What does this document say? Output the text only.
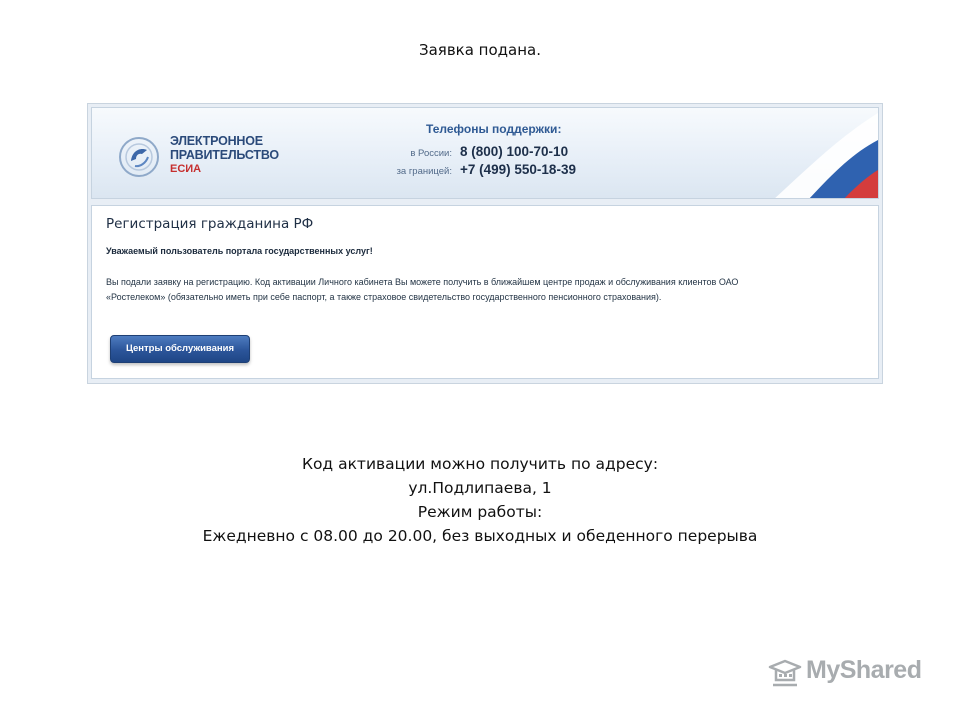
Заявка подана.
ЭЛЕКТРОННОЕ
ПРАВИТЕЛЬСТВО
ЕСИА
Телефоны поддержки:
в России: 8 (800) 100-70-10
за границей: +7 (499) 550-18-39
Регистрация гражданина РФ
Уважаемый пользователь портала государственных услуг!
Вы подали заявку на регистрацию. Код активации Личного кабинета Вы можете получить в ближайшем центре продаж и обслуживания клиентов ОАО
«Ростелеком» (обязательно иметь при себе паспорт, а также страховое свидетельство государственного пенсионного страхования).
Центры обслуживания
Код активации можно получить по адресу:
ул.Подлипаева, 1
Режим работы:
Ежедневно с 08.00 до 20.00, без выходных и обеденного перерыва
MyShared
